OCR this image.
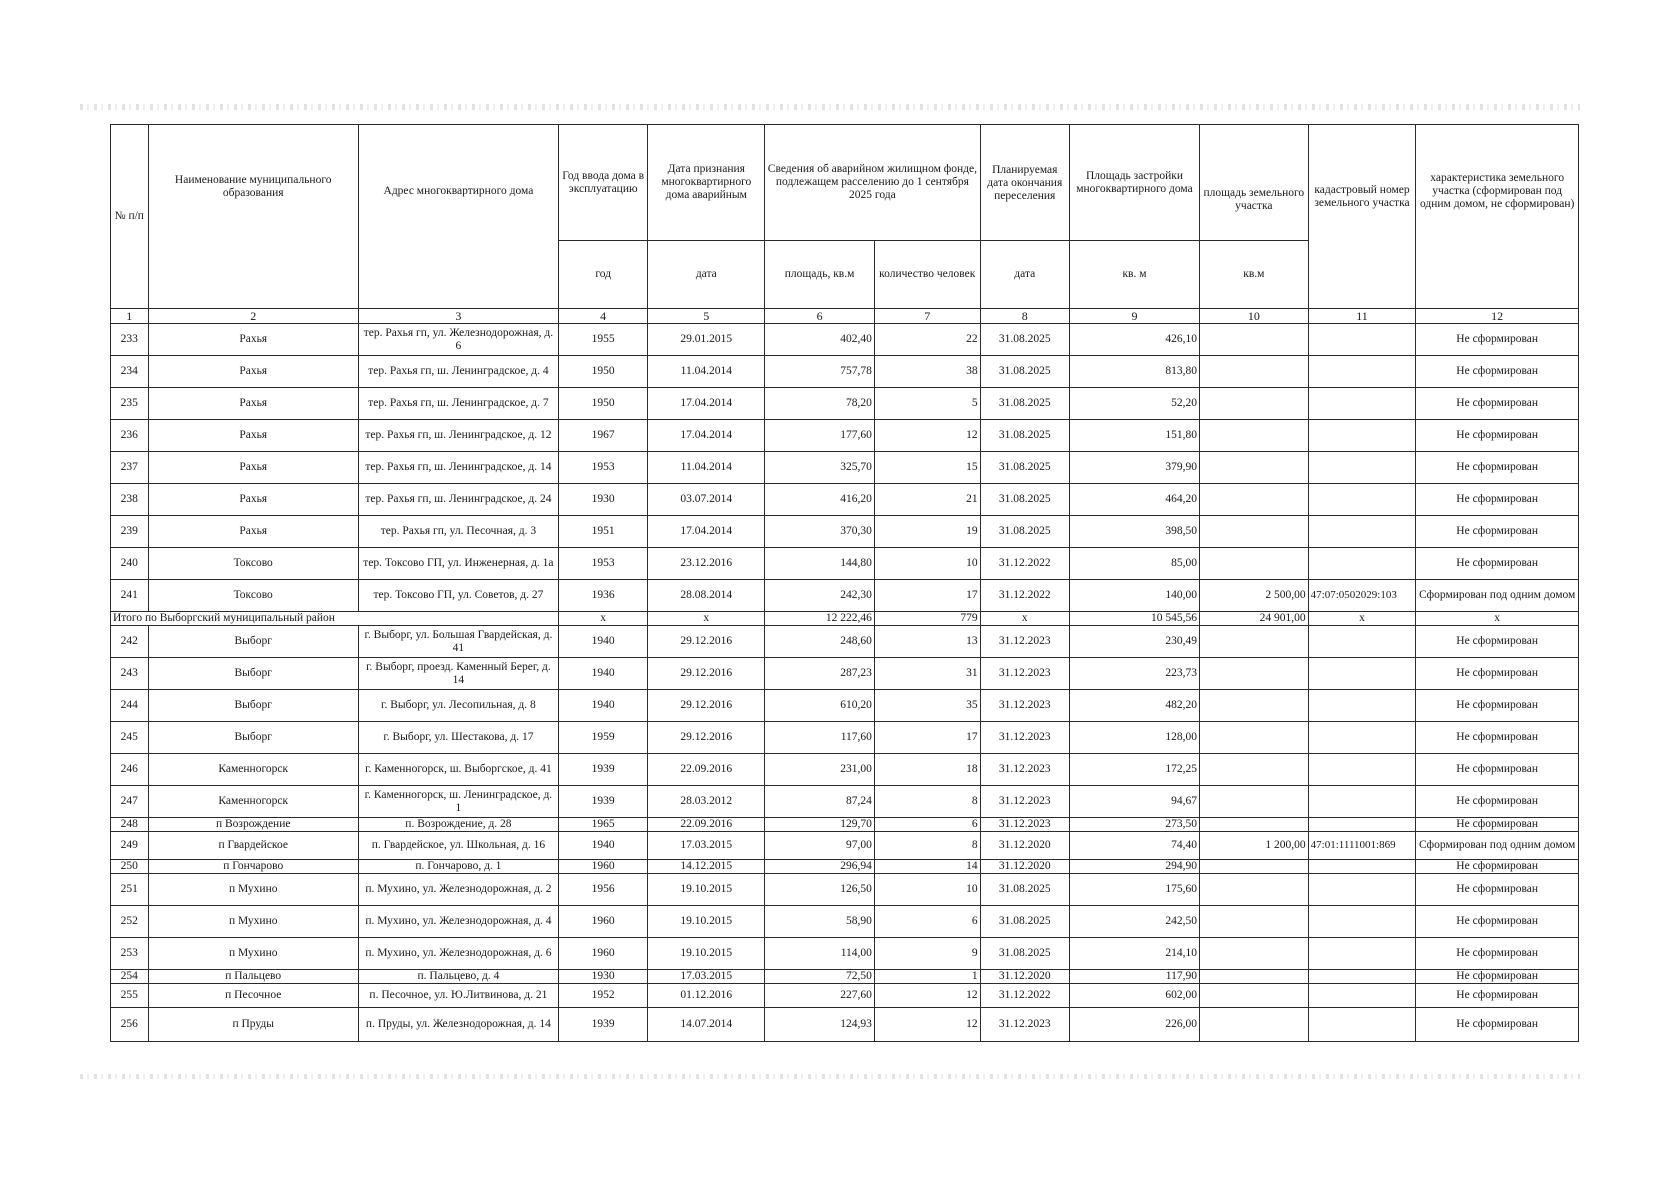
№ п/п	Наименование муниципального образования	Адрес многоквартирного дома	Год ввода дома в эксплуатацию	Дата признания многоквартирного дома аварийным	Сведения об аварийном жилищном фонде, подлежащем расселению до 1 сентября 2025 года		Планируемая дата окончания переселения	Площадь застройки многоквартирного дома	площадь земельного участка	кадастровый номер земельного участка	характеристика земельного участка (сформирован под одним домом, не сформирован)
			год	дата	площадь, кв.м	количество человек	дата	кв. м	кв.м		
1	2	3	4	5	6	7	8	9	10	11	12
233	Рахья	тер. Рахья гп, ул. Железнодорожная, д. 6	1955	29.01.2015	402,40	22	31.08.2025	426,10			Не сформирован
234	Рахья	тер. Рахья гп, ш. Ленинградское, д. 4	1950	11.04.2014	757,78	38	31.08.2025	813,80			Не сформирован
235	Рахья	тер. Рахья гп, ш. Ленинградское, д. 7	1950	17.04.2014	78,20	5	31.08.2025	52,20			Не сформирован
236	Рахья	тер. Рахья гп, ш. Ленинградское, д. 12	1967	17.04.2014	177,60	12	31.08.2025	151,80			Не сформирован
237	Рахья	тер. Рахья гп, ш. Ленинградское, д. 14	1953	11.04.2014	325,70	15	31.08.2025	379,90			Не сформирован
238	Рахья	тер. Рахья гп, ш. Ленинградское, д. 24	1930	03.07.2014	416,20	21	31.08.2025	464,20			Не сформирован
239	Рахья	тер. Рахья гп, ул. Песочная, д. 3	1951	17.04.2014	370,30	19	31.08.2025	398,50			Не сформирован
240	Токсово	тер. Токсово ГП, ул. Инженерная, д. 1а	1953	23.12.2016	144,80	10	31.12.2022	85,00			Не сформирован
241	Токсово	тер. Токсово ГП, ул. Советов, д. 27	1936	28.08.2014	242,30	17	31.12.2022	140,00	2 500,00	47:07:0502029:103	Сформирован под одним домом
Итого по Выборгский муниципальный район			х	х	12 222,46	779	х	10 545,56	24 901,00	х	х
242	Выборг	г. Выборг, ул. Большая Гвардейская, д. 41	1940	29.12.2016	248,60	13	31.12.2023	230,49			Не сформирован
243	Выборг	г. Выборг, проезд. Каменный Берег, д. 14	1940	29.12.2016	287,23	31	31.12.2023	223,73			Не сформирован
244	Выборг	г. Выборг, ул. Лесопильная, д. 8	1940	29.12.2016	610,20	35	31.12.2023	482,20			Не сформирован
245	Выборг	г. Выборг, ул. Шестакова, д. 17	1959	29.12.2016	117,60	17	31.12.2023	128,00			Не сформирован
246	Каменногорск	г. Каменногорск, ш. Выборгское, д. 41	1939	22.09.2016	231,00	18	31.12.2023	172,25			Не сформирован
247	Каменногорск	г. Каменногорск, ш. Ленинградское, д. 1	1939	28.03.2012	87,24	8	31.12.2023	94,67			Не сформирован
248	п Возрождение	п. Возрождение, д. 28	1965	22.09.2016	129,70	6	31.12.2023	273,50			Не сформирован
249	п Гвардейское	п. Гвардейское, ул. Школьная, д. 16	1940	17.03.2015	97,00	8	31.12.2020	74,40	1 200,00	47:01:1111001:869	Сформирован под одним домом
250	п Гончарово	п. Гончарово, д. 1	1960	14.12.2015	296,94	14	31.12.2020	294,90			Не сформирован
251	п Мухино	п. Мухино, ул. Железнодорожная, д. 2	1956	19.10.2015	126,50	10	31.08.2025	175,60			Не сформирован
252	п Мухино	п. Мухино, ул. Железнодорожная, д. 4	1960	19.10.2015	58,90	6	31.08.2025	242,50			Не сформирован
253	п Мухино	п. Мухино, ул. Железнодорожная, д. 6	1960	19.10.2015	114,00	9	31.08.2025	214,10			Не сформирован
254	п Пальцево	п. Пальцево, д. 4	1930	17.03.2015	72,50	1	31.12.2020	117,90			Не сформирован
255	п Песочное	п. Песочное, ул. Ю.Литвинова, д. 21	1952	01.12.2016	227,60	12	31.12.2022	602,00			Не сформирован
256	п Пруды	п. Пруды, ул. Железнодорожная, д. 14	1939	14.07.2014	124,93	12	31.12.2023	226,00			Не сформирован
